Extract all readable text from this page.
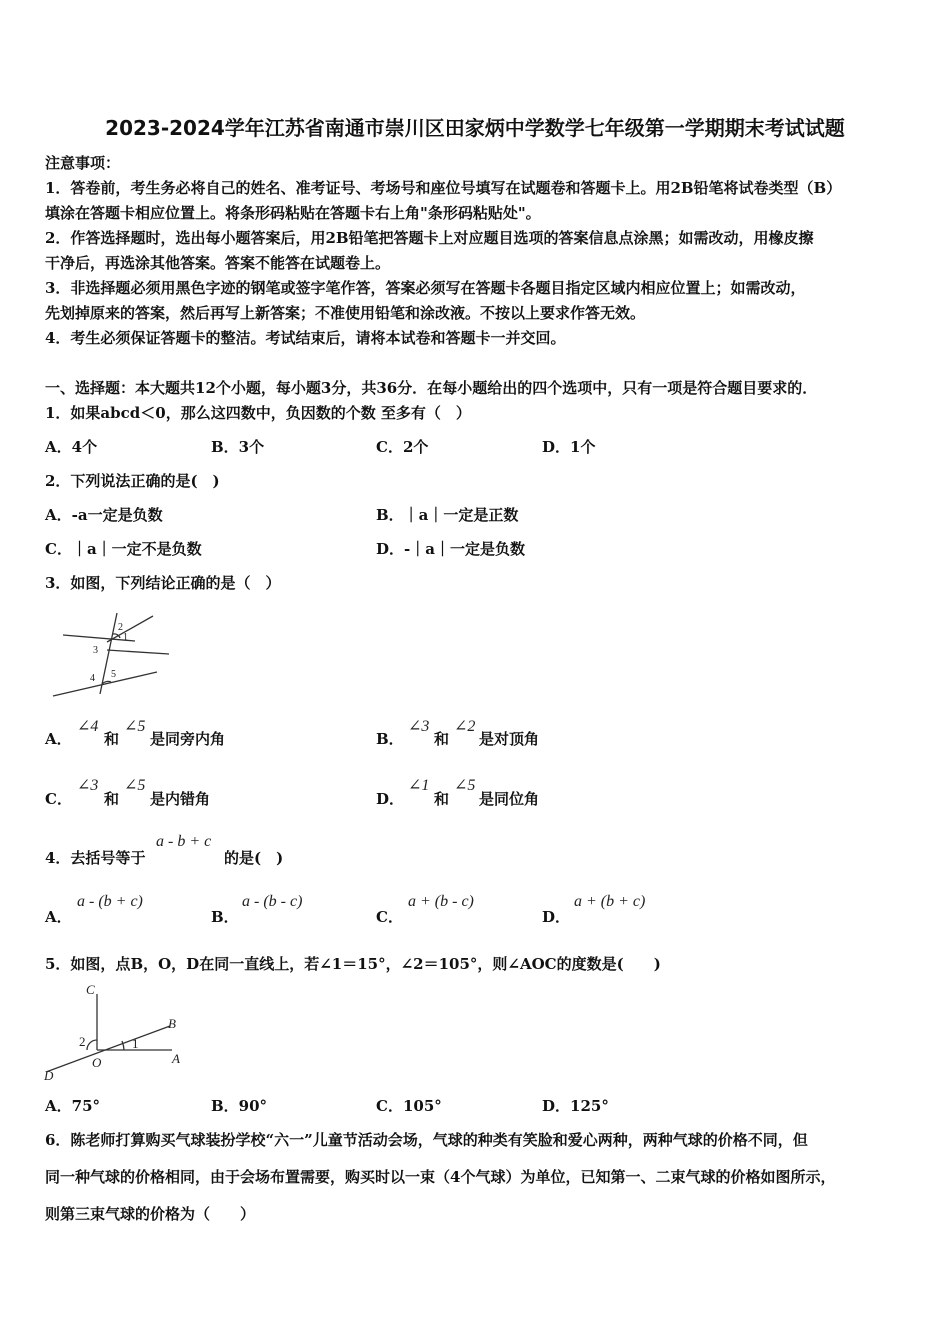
2023-2024学年江苏省南通市崇川区田家炳中学数学七年级第一学期期末考试试题
注意事项：
1．答卷前，考生务必将自己的姓名、准考证号、考场号和座位号填写在试题卷和答题卡上。用2B铅笔将试卷类型（B）
填涂在答题卡相应位置上。将条形码粘贴在答题卡右上角"条形码粘贴处"。
2．作答选择题时，选出每小题答案后，用2B铅笔把答题卡上对应题目选项的答案信息点涂黑；如需改动，用橡皮擦
干净后，再选涂其他答案。答案不能答在试题卷上。
3．非选择题必须用黑色字迹的钢笔或签字笔作答，答案必须写在答题卡各题目指定区域内相应位置上；如需改动，
先划掉原来的答案，然后再写上新答案；不准使用铅笔和涂改液。不按以上要求作答无效。
4．考生必须保证答题卡的整洁。考试结束后，请将本试卷和答题卡一并交回。
一、选择题：本大题共12个小题，每小题3分，共36分．在每小题给出的四个选项中，只有一项是符合题目要求的．
1．如果abcd＜0，那么这四数中，负因数的个数 至多有（　）
A．4个	B．3个	C．2个	D．1个
2．下列说法正确的是(　)
A．-a一定是负数	B．｜a｜一定是正数
C．｜a｜一定不是负数	D．-｜a｜一定是负数
3．如图，下列结论正确的是（　）
2
1
3
4 5
A．
∠4
和
∠5
是同旁内角	B．
∠3
和
∠2
是对顶角
C．
∠3
和
∠5
是内错角	D．
∠1
和
∠5
是同位角
4．去括号等于
a - b + c
的是(　)
A．
a - (b + c)
B．
a - (b - c)
C．
a + (b - c)
D．
a + (b + c)
5．如图，点B，O，D在同一直线上，若∠1＝15°，∠2＝105°，则∠AOC的度数是(　　)
C
B
2	1
O	A
D
A．75°	B．90°	C．105°	D．125°
6．陈老师打算购买气球装扮学校“六一”儿童节活动会场，气球的种类有笑脸和爱心两种，两种气球的价格不同，但
同一种气球的价格相同，由于会场布置需要，购买时以一束（4个气球）为单位，已知第一、二束气球的价格如图所示，
则第三束气球的价格为（　　）
